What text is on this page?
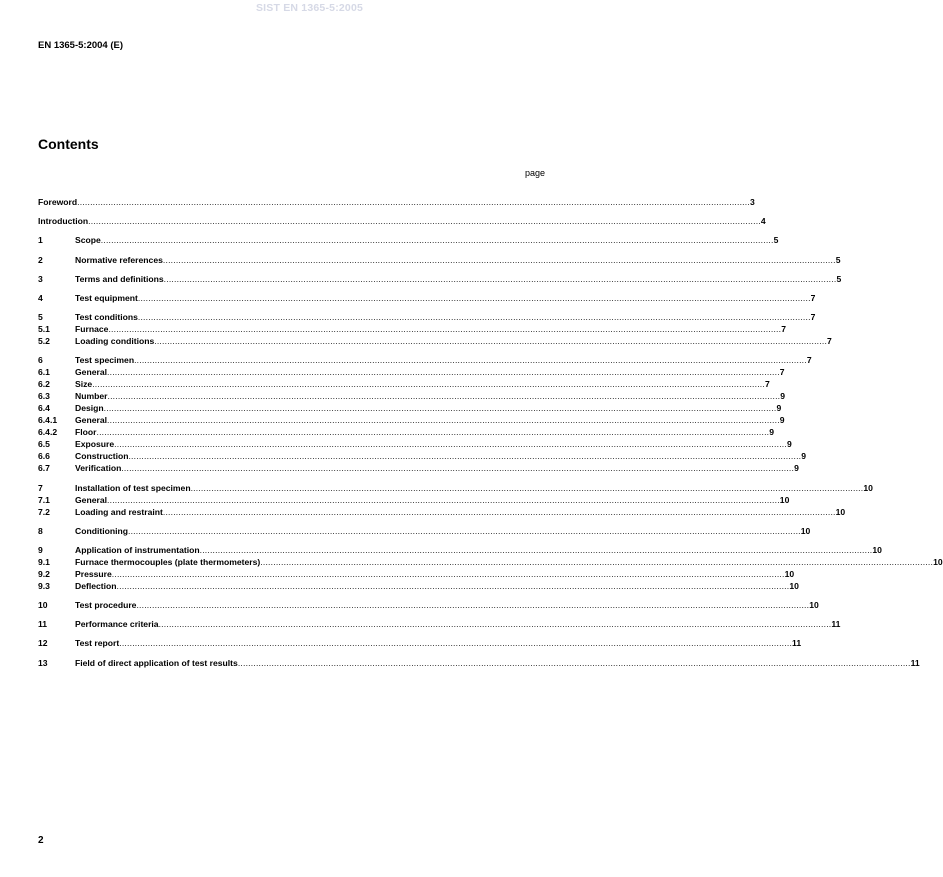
SIST EN 1365-5:2005
EN 1365-5:2004 (E)
Contents
page
Foreword .................................................................................................................................................................................................................................................................... 3
Introduction .................................................................................................................................................................................................................................................................... 4
1	Scope .................................................................................................................................................................................................................................................................... 5
2	Normative references .................................................................................................................................................................................................................................................................... 5
3	Terms and definitions .................................................................................................................................................................................................................................................................... 5
4	Test equipment .................................................................................................................................................................................................................................................................... 7
5	Test conditions .................................................................................................................................................................................................................................................................... 7
5.1	Furnace .................................................................................................................................................................................................................................................................... 7
5.2	Loading conditions .................................................................................................................................................................................................................................................................... 7
6	Test specimen .................................................................................................................................................................................................................................................................... 7
6.1	General .................................................................................................................................................................................................................................................................... 7
6.2	Size .................................................................................................................................................................................................................................................................... 7
6.3	Number .................................................................................................................................................................................................................................................................... 9
6.4	Design .................................................................................................................................................................................................................................................................... 9
6.4.1	General .................................................................................................................................................................................................................................................................... 9
6.4.2	Floor .................................................................................................................................................................................................................................................................... 9
6.5	Exposure .................................................................................................................................................................................................................................................................... 9
6.6	Construction .................................................................................................................................................................................................................................................................... 9
6.7	Verification .................................................................................................................................................................................................................................................................... 9
7	Installation of test specimen .................................................................................................................................................................................................................................................................... 10
7.1	General .................................................................................................................................................................................................................................................................... 10
7.2	Loading and restraint .................................................................................................................................................................................................................................................................... 10
8	Conditioning .................................................................................................................................................................................................................................................................... 10
9	Application of instrumentation .................................................................................................................................................................................................................................................................... 10
9.1	Furnace thermocouples (plate thermometers) .................................................................................................................................................................................................................................................................... 10
9.2	Pressure .................................................................................................................................................................................................................................................................... 10
9.3	Deflection .................................................................................................................................................................................................................................................................... 10
10	Test procedure .................................................................................................................................................................................................................................................................... 10
11	Performance criteria .................................................................................................................................................................................................................................................................... 11
12	Test report .................................................................................................................................................................................................................................................................... 11
13	Field of direct application of test results .................................................................................................................................................................................................................................................................... 11
2
